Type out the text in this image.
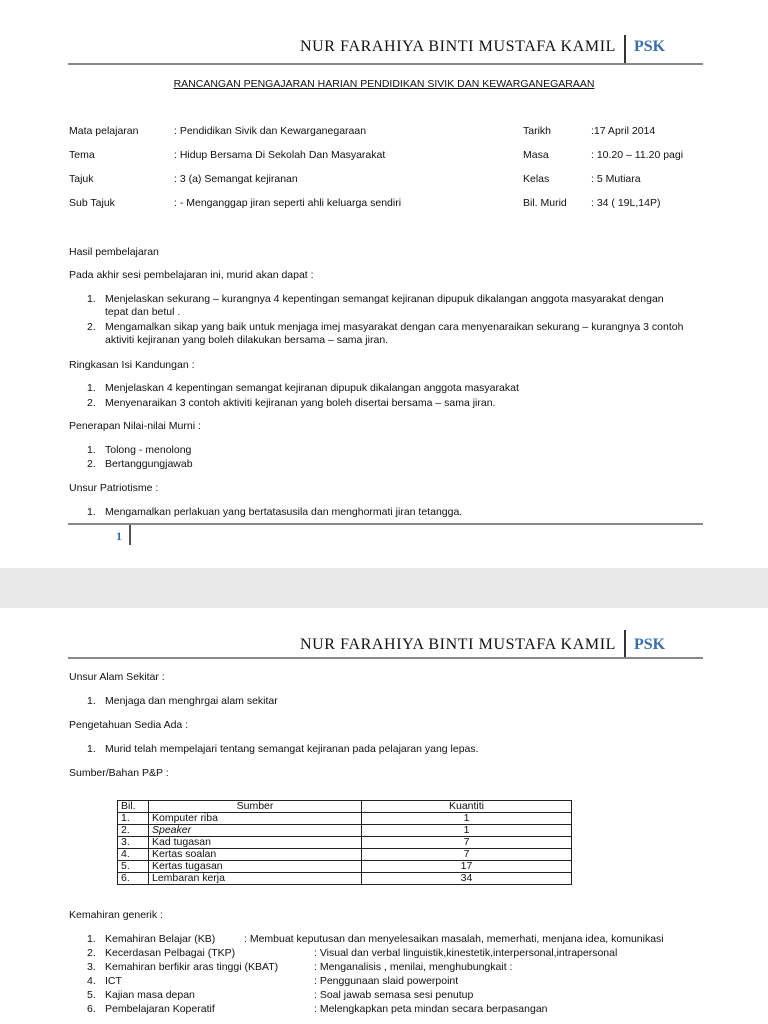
NUR FARAHIYA BINTI MUSTAFA KAMIL PSK
RANCANGAN PENGAJARAN HARIAN PENDIDIKAN SIVIK DAN KEWARGANEGARAAN
Mata pelajaran	: Pendidikan Sivik dan Kewarganegaraan	Tarikh	:17 April 2014
Tema	: Hidup Bersama Di Sekolah Dan Masyarakat	Masa	: 10.20 – 11.20 pagi
Tajuk	: 3 (a) Semangat kejiranan	Kelas	: 5 Mutiara
Sub Tajuk	: - Menganggap jiran seperti ahli keluarga sendiri	Bil. Murid : 34 ( 19L,14P)
Hasil pembelajaran
Pada akhir sesi pembelajaran ini, murid akan dapat :
1. Menjelaskan sekurang – kurangnya 4 kepentingan semangat kejiranan dipupuk dikalangan anggota masyarakat dengan
tepat dan betul .
2. Mengamalkan sikap yang baik untuk menjaga imej masyarakat dengan cara menyenaraikan sekurang – kurangnya 3 contoh
aktiviti kejiranan yang boleh dilakukan bersama – sama jiran.
Ringkasan Isi Kandungan :
1. Menjelaskan 4 kepentingan semangat kejiranan dipupuk dikalangan anggota masyarakat
2. Menyenaraikan 3 contoh aktiviti kejiranan yang boleh disertai bersama – sama jiran.
Penerapan Nilai-nilai Murni :
1. Tolong - menolong
2. Bertanggungjawab
Unsur Patriotisme :
1. Mengamalkan perlakuan yang bertatasusila dan menghormati jiran tetangga.
1
NUR FARAHIYA BINTI MUSTAFA KAMIL PSK
Unsur Alam Sekitar :
1. Menjaga dan menghrgai alam sekitar
Pengetahuan Sedia Ada :
1. Murid telah mempelajari tentang semangat kejiranan pada pelajaran yang lepas.
Sumber/Bahan P&P :
Bil.	Sumber	Kuantiti
1.	Komputer riba	1
2.	Speaker	1
3.	Kad tugasan	7
4.	Kertas soalan	7
5.	Kertas tugasan	17
6.	Lembaran kerja	34
Kemahiran generik :
1. Kemahiran Belajar (KB)	: Membuat keputusan dan menyelesaikan masalah, memerhati, menjana idea, komunikasi
2. Kecerdasan Pelbagai (TKP)	: Visual dan verbal linguistik,kinestetik,interpersonal,intrapersonal
3. Kemahiran berfikir aras tinggi (KBAT)	: Menganalisis , menilai, menghubungkait :
4. ICT	: Penggunaan slaid powerpoint
5. Kajian masa depan	: Soal jawab semasa sesi penutup
6. Pembelajaran Koperatif	: Melengkapkan peta mindan secara berpasangan
